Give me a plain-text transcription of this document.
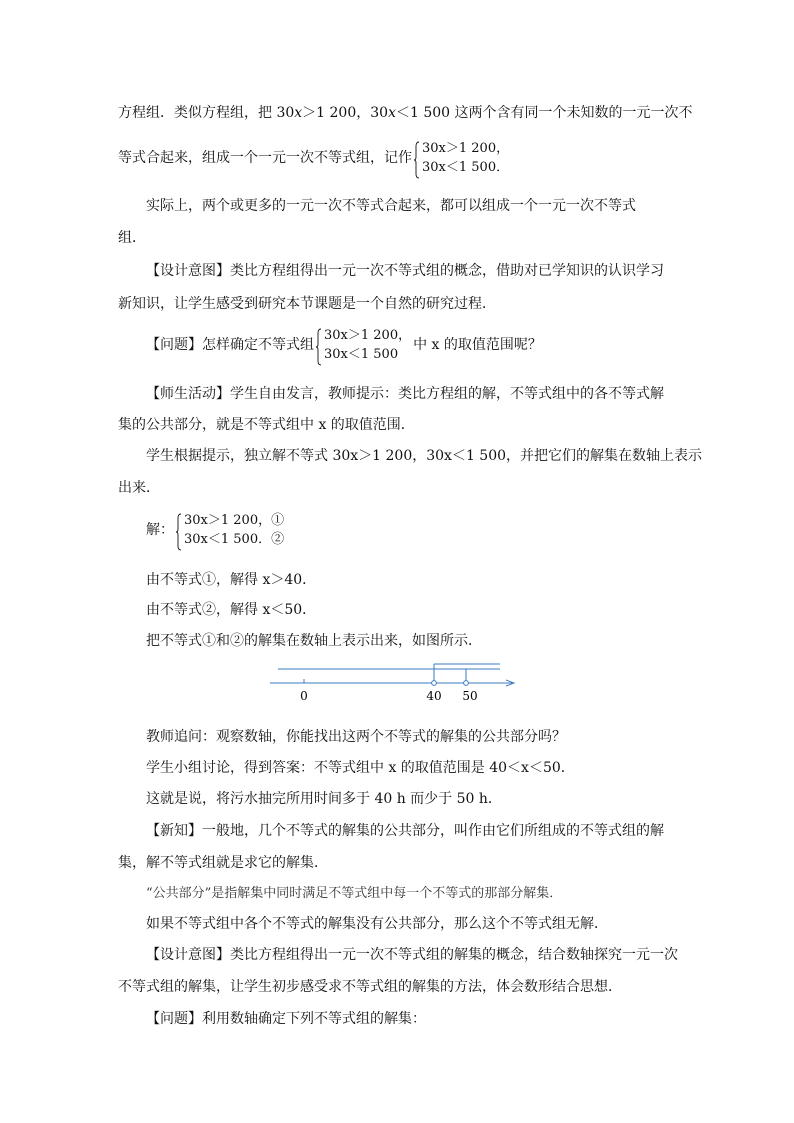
方程组．类似方程组，把 30x＞1 200，30x＜1 500 这两个含有同一个未知数的一元一次不
等式合起来，组成一个一元一次不等式组，记作
30x＞1 200，
30x＜1 500．
实际上，两个或更多的一元一次不等式合起来，都可以组成一个一元一次不等式
组．
【设计意图】类比方程组得出一元一次不等式组的概念，借助对已学知识的认识学习
新知识，让学生感受到研究本节课题是一个自然的研究过程．
【问题】怎样确定不等式组
30x＞1 200，
30x＜1 500
中 x 的取值范围呢？
【师生活动】学生自由发言，教师提示：类比方程组的解，不等式组中的各不等式解
集的公共部分，就是不等式组中 x 的取值范围．
学生根据提示，独立解不等式 30x＞1 200，30x＜1 500，并把它们的解集在数轴上表示
出来．
解：
30x＞1 200，①
30x＜1 500．②
由不等式①，解得 x＞40．
由不等式②，解得 x＜50．
把不等式①和②的解集在数轴上表示出来，如图所示．
0	40 50
教师追问：观察数轴，你能找出这两个不等式的解集的公共部分吗？
学生小组讨论，得到答案：不等式组中 x 的取值范围是 40＜x＜50．
这就是说，将污水抽完所用时间多于 40 h 而少于 50 h．
【新知】一般地，几个不等式的解集的公共部分，叫作由它们所组成的不等式组的解
集，解不等式组就是求它的解集．
“公共部分”是指解集中同时满足不等式组中每一个不等式的那部分解集．
如果不等式组中各个不等式的解集没有公共部分，那么这个不等式组无解．
【设计意图】类比方程组得出一元一次不等式组的解集的概念，结合数轴探究一元一次
不等式组的解集，让学生初步感受求不等式组的解集的方法，体会数形结合思想．
【问题】利用数轴确定下列不等式组的解集：
